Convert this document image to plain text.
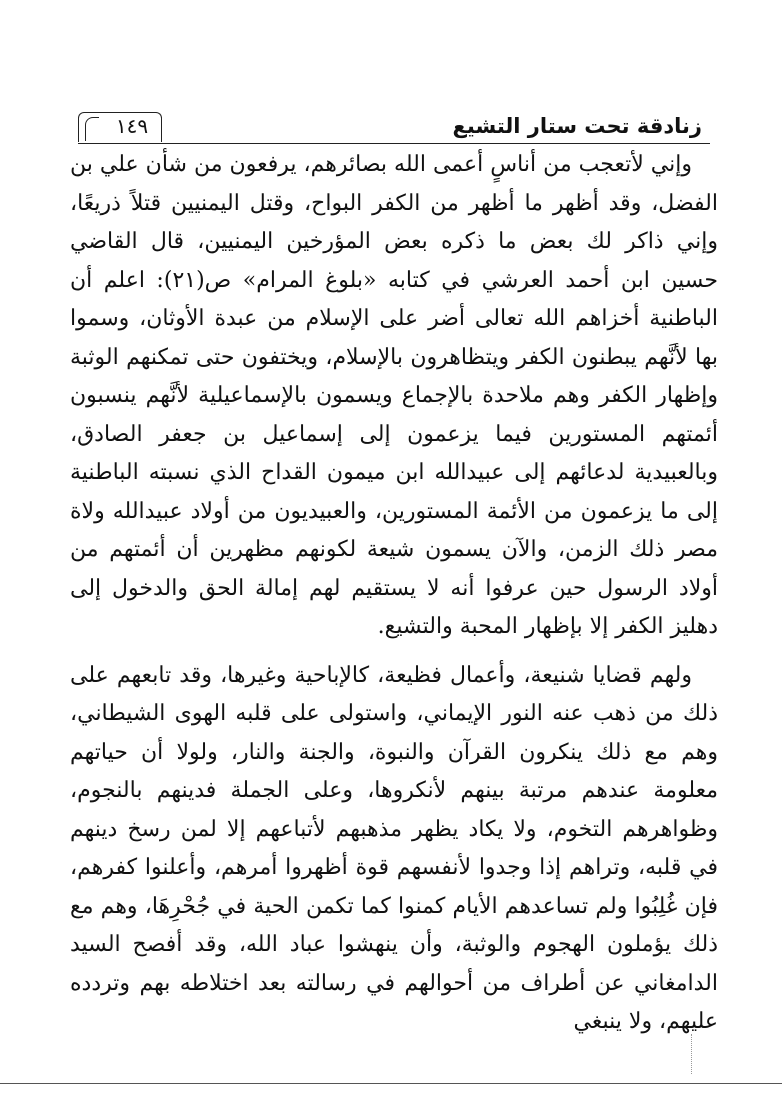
زنادقة تحت ستار التشيع
١٤٩

وإني لأتعجب من أناسٍ أعمى الله بصائرهم، يرفعون من شأن علي بن الفضل، وقد أظهر ما أظهر من الكفر البواح، وقتل اليمنيين قتلاً ذريعًا، وإني ذاكر لك بعض ما ذكره بعض المؤرخين اليمنيين، قال القاضي حسين ابن أحمد العرشي في كتابه «بلوغ المرام» ص(٢١): اعلم أن الباطنية أخزاهم الله تعالى أضر على الإسلام من عبدة الأوثان، وسموا بها لأنَّهم يبطنون الكفر ويتظاهرون بالإسلام، ويختفون حتى تمكنهم الوثبة وإظهار الكفر وهم ملاحدة بالإجماع ويسمون بالإسماعيلية لأنَّهم ينسبون أئمتهم المستورين فيما يزعمون إلى إسماعيل بن جعفر الصادق، وبالعبيدية لدعائهم إلى عبيدالله ابن ميمون القداح الذي نسبته الباطنية إلى ما يزعمون من الأئمة المستورين، والعبيديون من أولاد عبيدالله ولاة مصر ذلك الزمن، والآن يسمون شيعة لكونهم مظهرين أن أئمتهم من أولاد الرسول حين عرفوا أنه لا يستقيم لهم إمالة الحق والدخول إلى دهليز الكفر إلا بإظهار المحبة والتشيع.

ولهم قضايا شنيعة، وأعمال فظيعة، كالإباحية وغيرها، وقد تابعهم على ذلك من ذهب عنه النور الإيماني، واستولى على قلبه الهوى الشيطاني، وهم مع ذلك ينكرون القرآن والنبوة، والجنة والنار، ولولا أن حياتهم معلومة عندهم مرتبة بينهم لأنكروها، وعلى الجملة فدينهم بالنجوم، وظواهرهم التخوم، ولا يكاد يظهر مذهبهم لأتباعهم إلا لمن رسخ دينهم في قلبه، وتراهم إذا وجدوا لأنفسهم قوة أظهروا أمرهم، وأعلنوا كفرهم، فإن غُلِبُوا ولم تساعدهم الأيام كمنوا كما تكمن الحية في جُحْرِهَا، وهم مع ذلك يؤملون الهجوم والوثبة، وأن ينهشوا عباد الله، وقد أفصح السيد الدامغاني عن أطراف من أحوالهم في رسالته بعد اختلاطه بهم وتردده عليهم، ولا ينبغي
